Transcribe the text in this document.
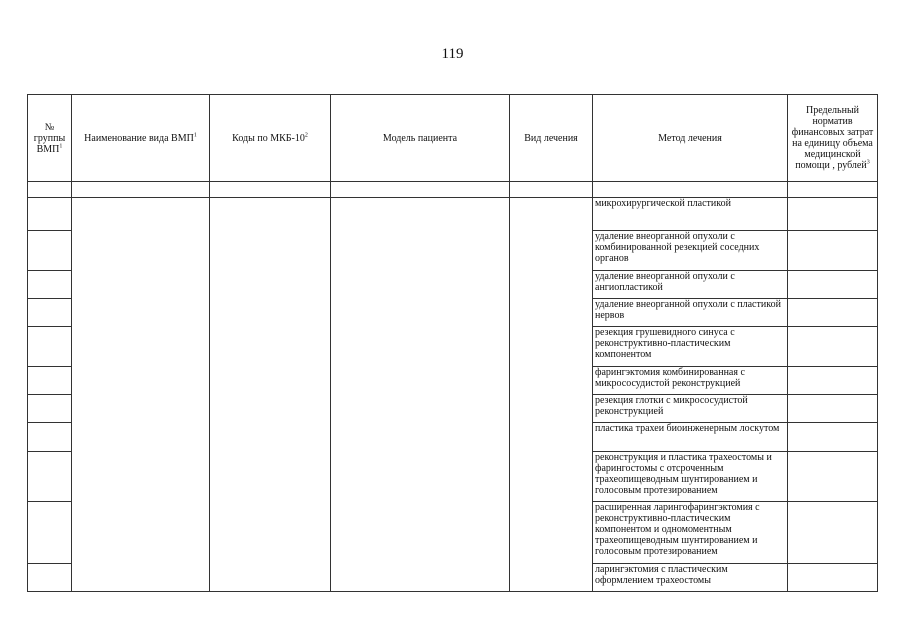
119
№ группы ВМП$^1$	Наименование вида ВМП$^1$	Коды по МКБ-$10^2$	Модель пациента	Вид лечения	Метод лечения	Предельный норматив финансовых затрат на единицу объема медицинской помощи , рублей$^3$

					микрохирургической пластикой	
					удаление внеорганной опухоли с комбинированной резекцией соседних органов	
					удаление внеорганной опухоли с ангиопластикой	
					удаление внеорганной опухоли с пластикой нервов	
					резекция грушевидного синуса с реконструктивно-пластическим компонентом	
					фарингэктомия комбинированная с микрососудистой реконструкцией	
					резекция глотки с микрососудистой реконструкцией	
					пластика трахеи биоинженерным лоскутом	
					реконструкция и пластика трахеостомы и фарингостомы с отсроченным трахеопищеводным шунтированием и голосовым протезированием	
					расширенная ларингофарингэктомия с реконструктивно-пластическим компонентом и одномоментным трахеопищеводным шунтированием и голосовым протезированием	
					ларингэктомия с пластическим оформлением трахеостомы	
